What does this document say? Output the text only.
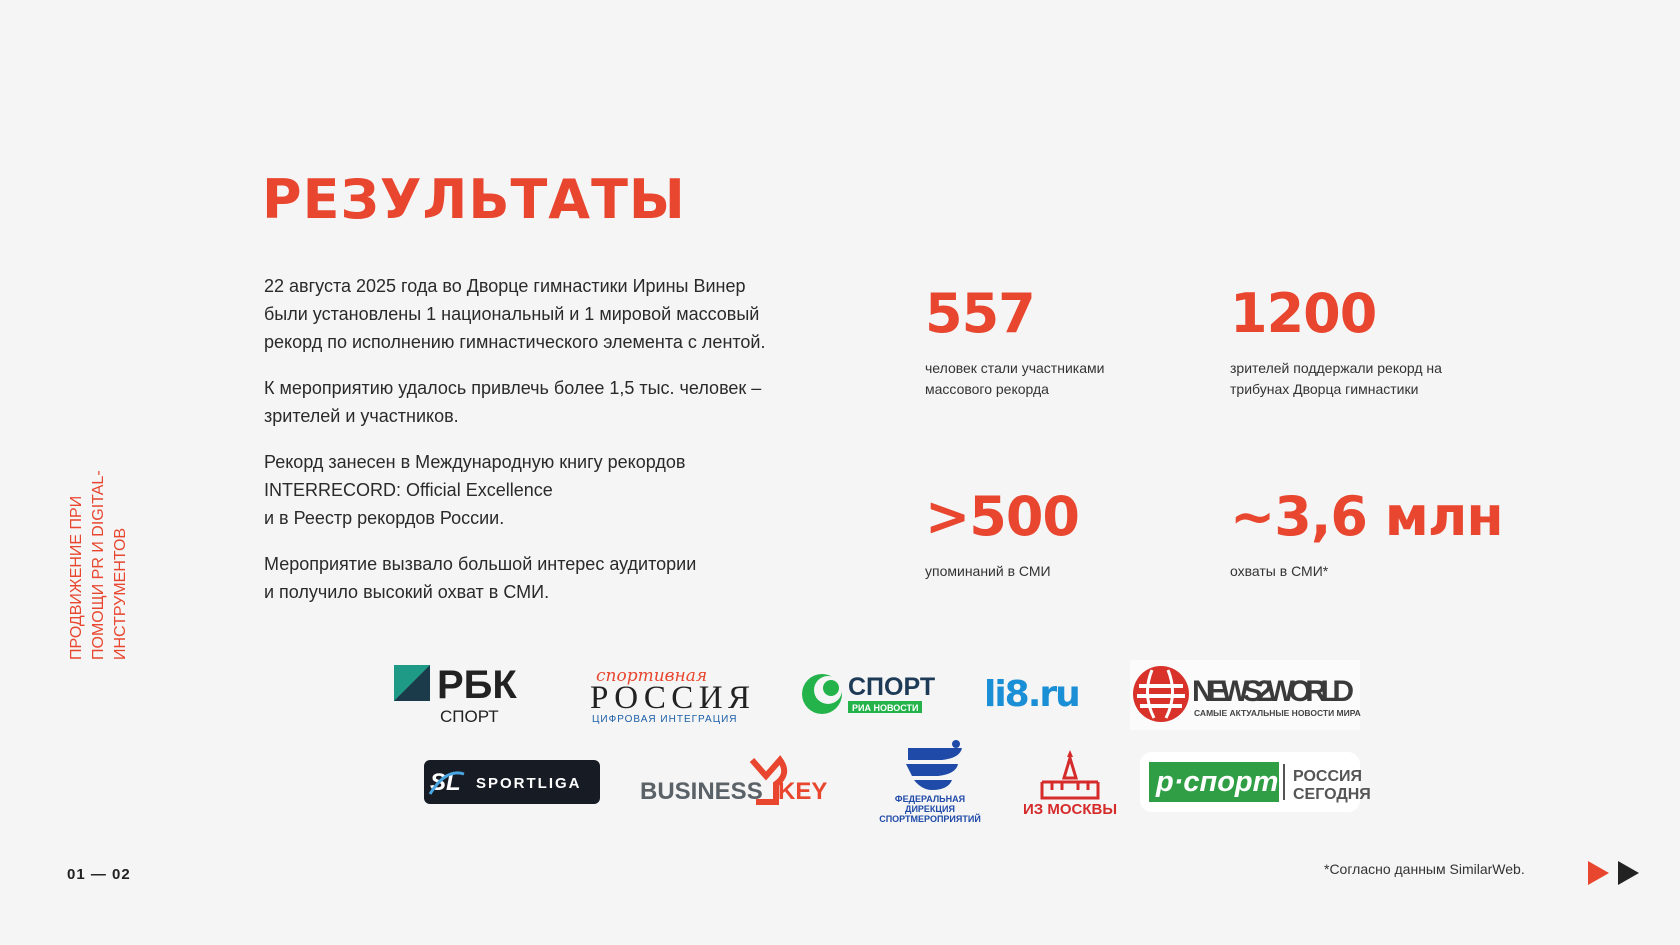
ПРОДВИЖЕНИЕ ПРИ ПОМОЩИ PR И DIGITAL- ИНСТРУМЕНТОВ
РЕЗУЛЬТАТЫ

22 августа 2025 года во Дворце гимнастики Ирины Винер
были установлены 1 национальный и 1 мировой массовый
рекорд по исполнению гимнастического элемента с лентой.

К мероприятию удалось привлечь более 1,5 тыс. человек –
зрителей и участников.

Рекорд занесен в Международную книгу рекордов
INTERRECORD: Official Excellence
и в Реестр рекордов России.

Мероприятие вызвало большой интерес аудитории
и получило высокий охват в СМИ.

557
человек стали участниками
массового рекорда
1200
зрителей поддержали рекорд на
трибунах Дворца гимнастики
>500
упоминаний в СМИ
~3,6 млн
охваты в СМИ*
РБК
СПОРТ
спортивная
РОССИЯ
ЦИФРОВАЯ ИНТЕГРАЦИЯ
СПОРТ
РИА НОВОСТИ li8.ru	NEWS2WORLD
САМЫЕ АКТУАЛЬНЫЕ НОВОСТИ МИРА
SL SPORTLIGA BUSINESS KEY	ФЕДЕРАЛЬНАЯ
ДИРЕКЦИЯ
СПОРТМЕРОПРИЯТИЙ
ИЗ МОСКВЫ
р·спорт РОССИЯ
СЕГОДНЯ
*Согласно данным SimilarWeb.
01 — 02
